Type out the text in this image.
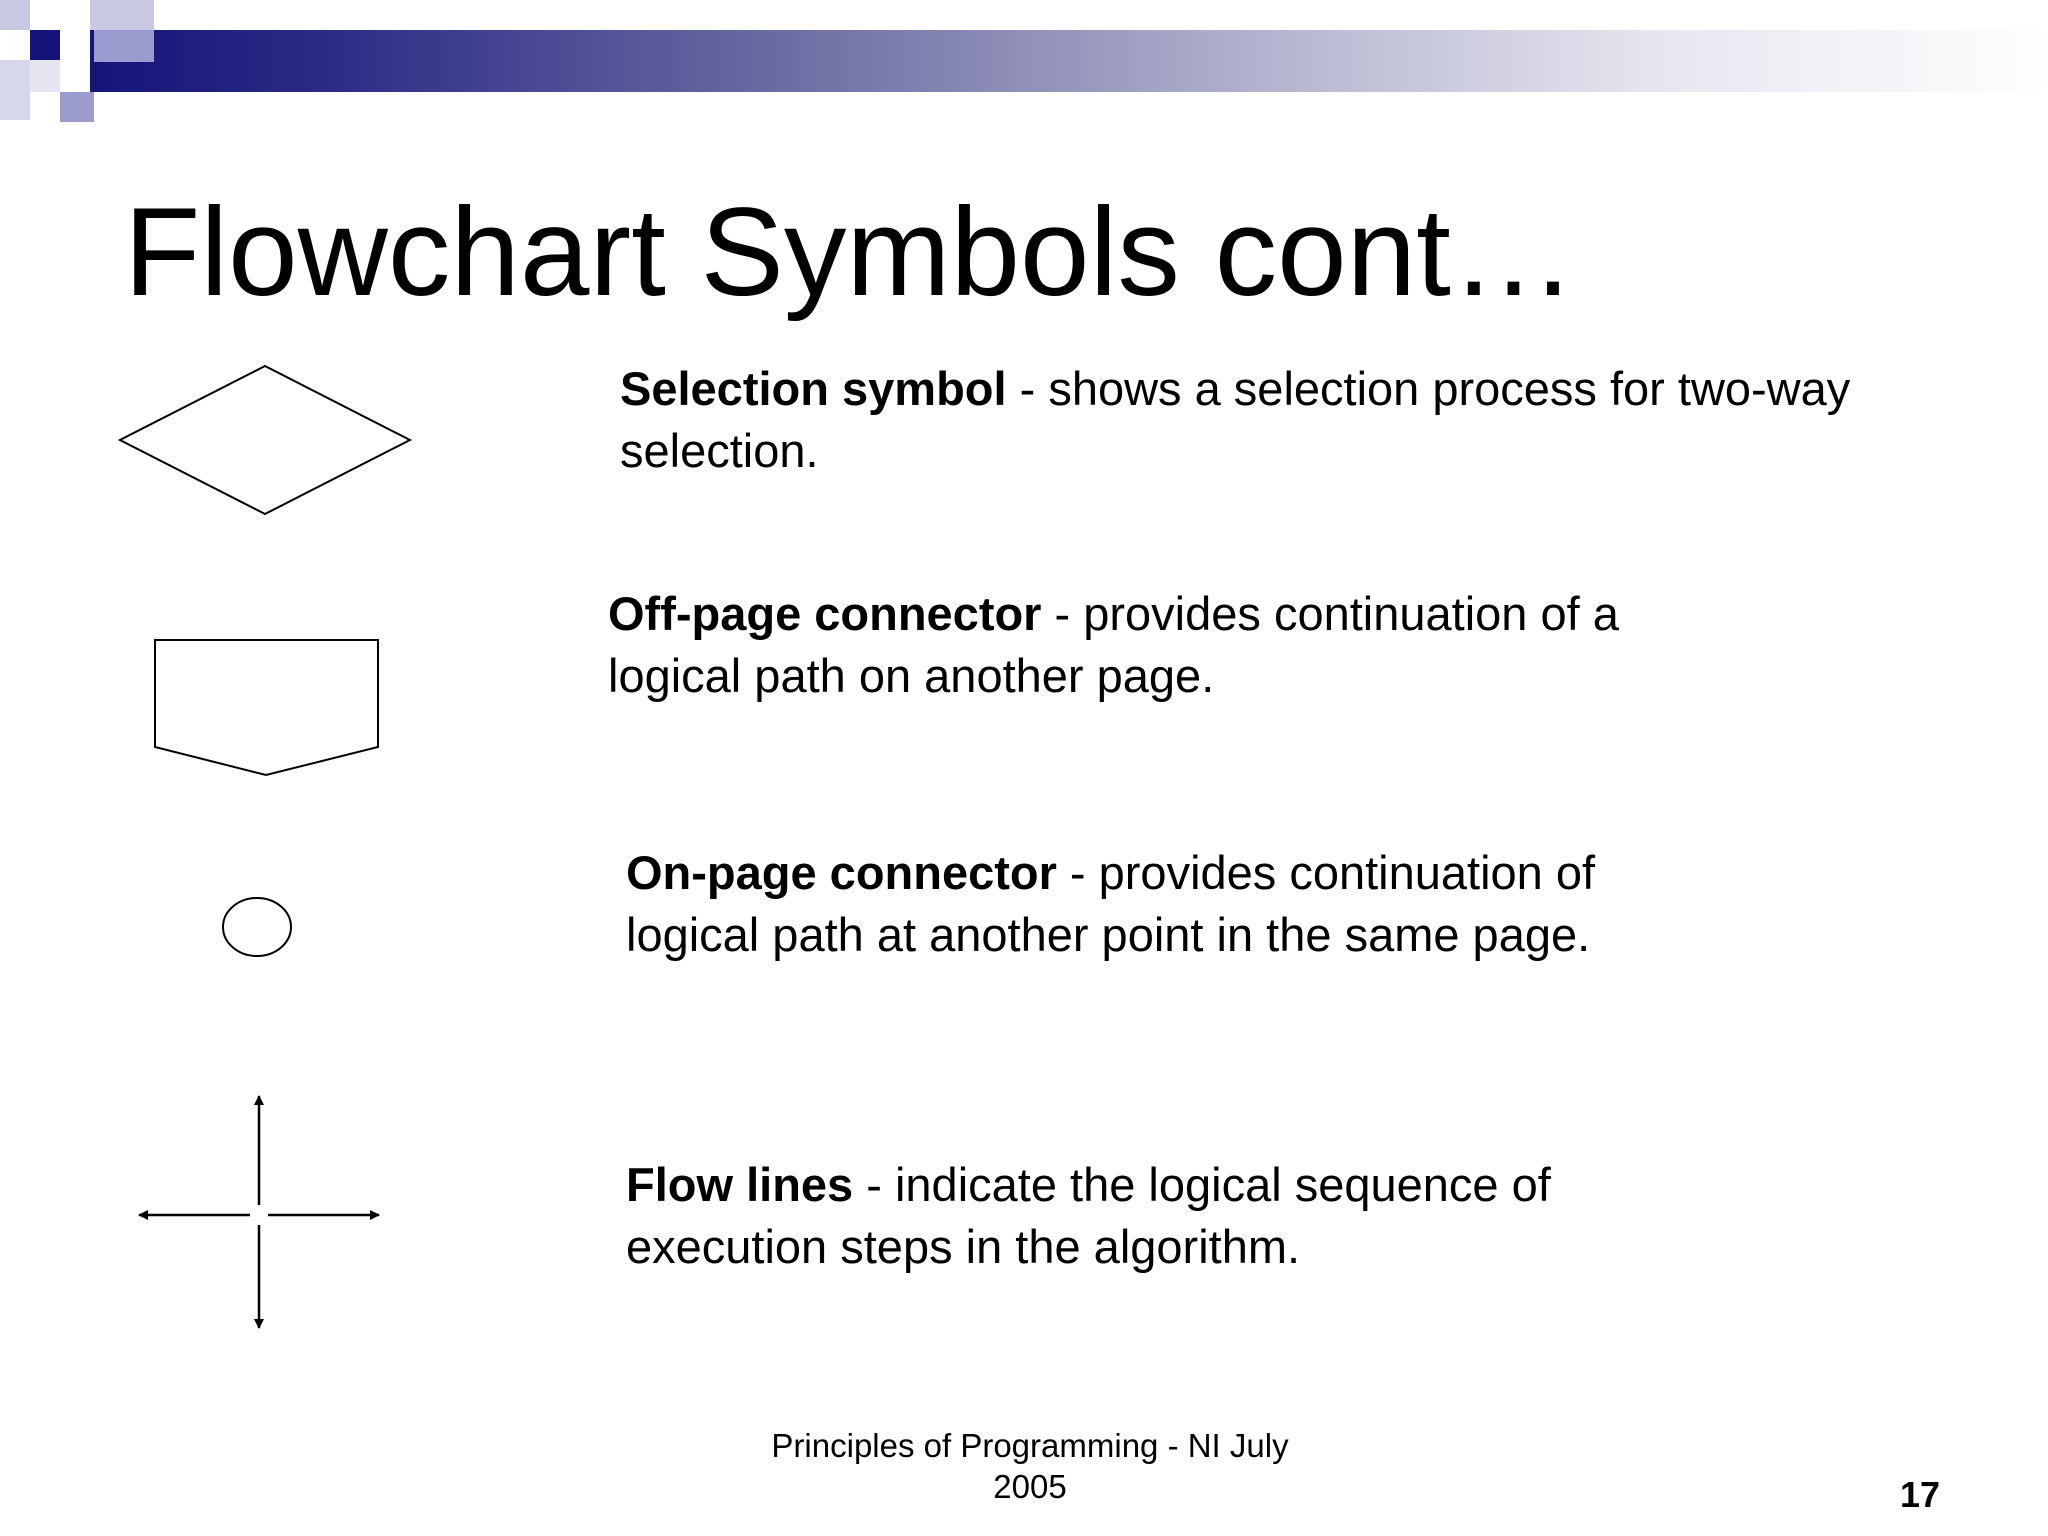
Flowchart Symbols cont…

Selection symbol - shows a selection process for two-way selection.

Off-page connector - provides continuation of a logical path on another page.

On-page connector - provides continuation of logical path at another point in the same page.

Flow lines - indicate the logical sequence of execution steps in the algorithm.

Principles of Programming - NI July
2005	17
